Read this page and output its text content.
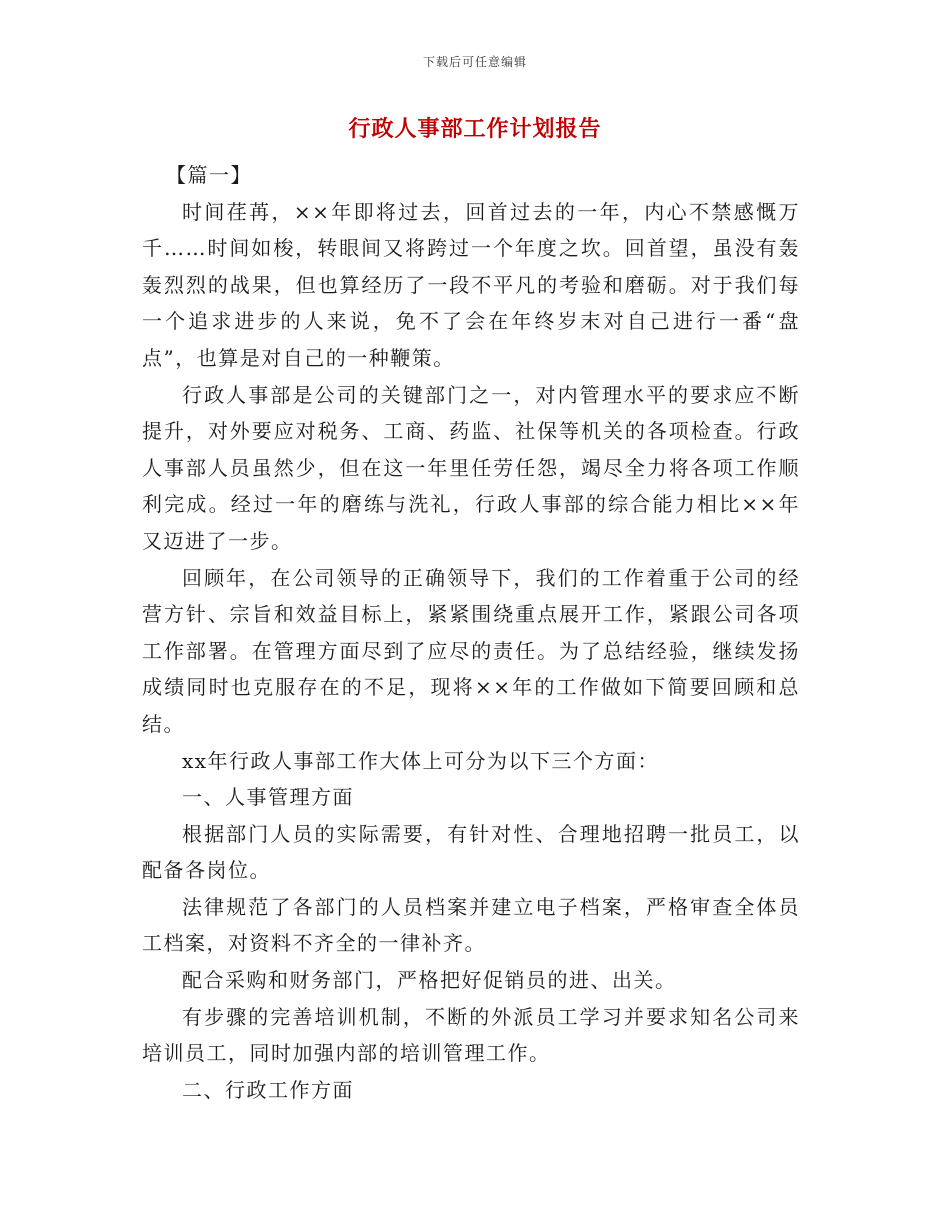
下载后可任意编辑
行政人事部工作计划报告

【篇一】

时间荏苒，××年即将过去，回首过去的一年，内心不禁感慨万千……时间如梭，转眼间又将跨过一个年度之坎。回首望，虽没有轰轰烈烈的战果，但也算经历了一段不平凡的考验和磨砺。对于我们每一个追求进步的人来说，免不了会在年终岁末对自己进行一番“盘点”，也算是对自己的一种鞭策。

行政人事部是公司的关键部门之一，对内管理水平的要求应不断提升，对外要应对税务、工商、药监、社保等机关的各项检查。行政人事部人员虽然少，但在这一年里任劳任怨，竭尽全力将各项工作顺利完成。经过一年的磨练与洗礼，行政人事部的综合能力相比××年又迈进了一步。

回顾年，在公司领导的正确领导下，我们的工作着重于公司的经营方针、宗旨和效益目标上，紧紧围绕重点展开工作，紧跟公司各项工作部署。在管理方面尽到了应尽的责任。为了总结经验，继续发扬成绩同时也克服存在的不足，现将××年的工作做如下简要回顾和总结。

xx年行政人事部工作大体上可分为以下三个方面：

一、人事管理方面

根据部门人员的实际需要，有针对性、合理地招聘一批员工，以配备各岗位。

法律规范了各部门的人员档案并建立电子档案，严格审查全体员工档案，对资料不齐全的一律补齐。

配合采购和财务部门，严格把好促销员的进、出关。

有步骤的完善培训机制，不断的外派员工学习并要求知名公司来培训员工，同时加强内部的培训管理工作。

二、行政工作方面
